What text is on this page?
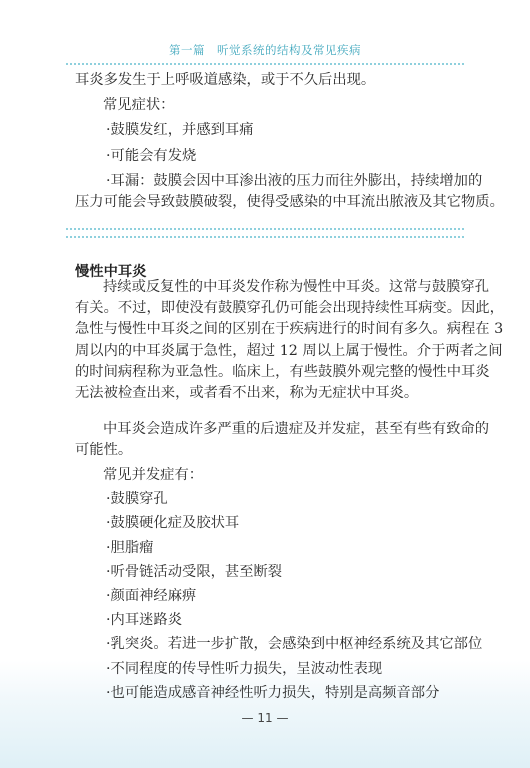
第一篇　听觉系统的结构及常见疾病
耳炎多发生于上呼吸道感染，或于不久后出现。
常见症状：
·鼓膜发红，并感到耳痛
·可能会有发烧
·耳漏：鼓膜会因中耳渗出液的压力而往外膨出，持续增加的
压力可能会导致鼓膜破裂，使得受感染的中耳流出脓液及其它物质。
慢性中耳炎
持续或反复性的中耳炎发作称为慢性中耳炎。这常与鼓膜穿孔
有关。不过，即使没有鼓膜穿孔仍可能会出现持续性耳病变。因此，
急性与慢性中耳炎之间的区别在于疾病进行的时间有多久。病程在 3
周以内的中耳炎属于急性，超过 12 周以上属于慢性。介于两者之间
的时间病程称为亚急性。临床上，有些鼓膜外观完整的慢性中耳炎
无法被检查出来，或者看不出来，称为无症状中耳炎。
中耳炎会造成许多严重的后遗症及并发症，甚至有些有致命的
可能性。
常见并发症有：
·鼓膜穿孔
·鼓膜硬化症及胶状耳
·胆脂瘤
·听骨链活动受限，甚至断裂
·颜面神经麻痹
·内耳迷路炎
·乳突炎。若进一步扩散，会感染到中枢神经系统及其它部位
·不同程度的传导性听力损失，呈波动性表现
·也可能造成感音神经性听力损失，特别是高频音部分
— 11 —
